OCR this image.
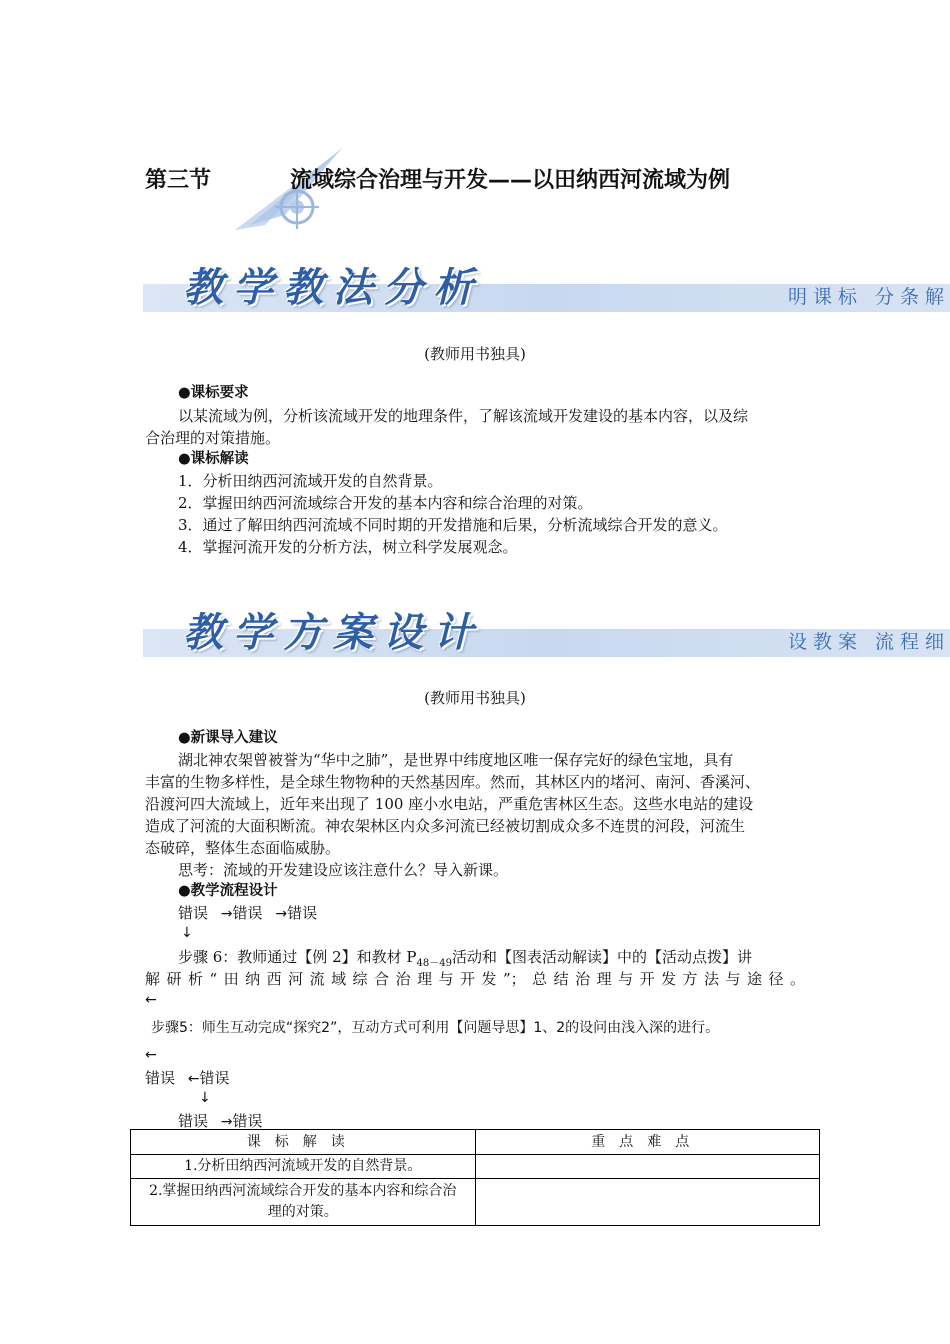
第三节	流域综合治理与开发——以田纳西河流域为例
教学教法分析	明课标 分条解
(教师用书独具)
●课标要求
以某流域为例，分析该流域开发的地理条件，了解该流域开发建设的基本内容，以及综
合治理的对策措施。
●课标解读
1．分析田纳西河流域开发的自然背景。
2．掌握田纳西河流域综合开发的基本内容和综合治理的对策。
3．通过了解田纳西河流域不同时期的开发措施和后果，分析流域综合开发的意义。
4．掌握河流开发的分析方法，树立科学发展观念。
教学方案设计	设教案 流程细
(教师用书独具)
●新课导入建议
湖北神农架曾被誉为“华中之肺”，是世界中纬度地区唯一保存完好的绿色宝地，具有
丰富的生物多样性，是全球生物物种的天然基因库。然而，其林区内的堵河、南河、香溪河、
沿渡河四大流域上，近年来出现了 100 座小水电站，严重危害林区生态。这些水电站的建设
造成了河流的大面积断流。神农架林区内众多河流已经被切割成众多不连贯的河段，河流生
态破碎，整体生态面临威胁。
思考：流域的开发建设应该注意什么？导入新课。
●教学流程设计
错误 →错误 →错误
↓
步骤 6：教师通过【例 2】和教材 $P_{48-49}$活动和【图表活动解读】中的【活动点拨】讲
解研析“田纳西河流域综合治理与开发”；总结治理与开发方法与途径。
←
步骤5：师生互动完成“探究2”，互动方式可利用【问题导思】1、2的设问由浅入深的进行。
←
错误 ←错误
↓
错误 →错误
课标解读	重点难点
1.分析田纳西河流域开发的自然背景。	
2.掌握田纳西河流域综合开发的基本内容和综合治理的对策。	
